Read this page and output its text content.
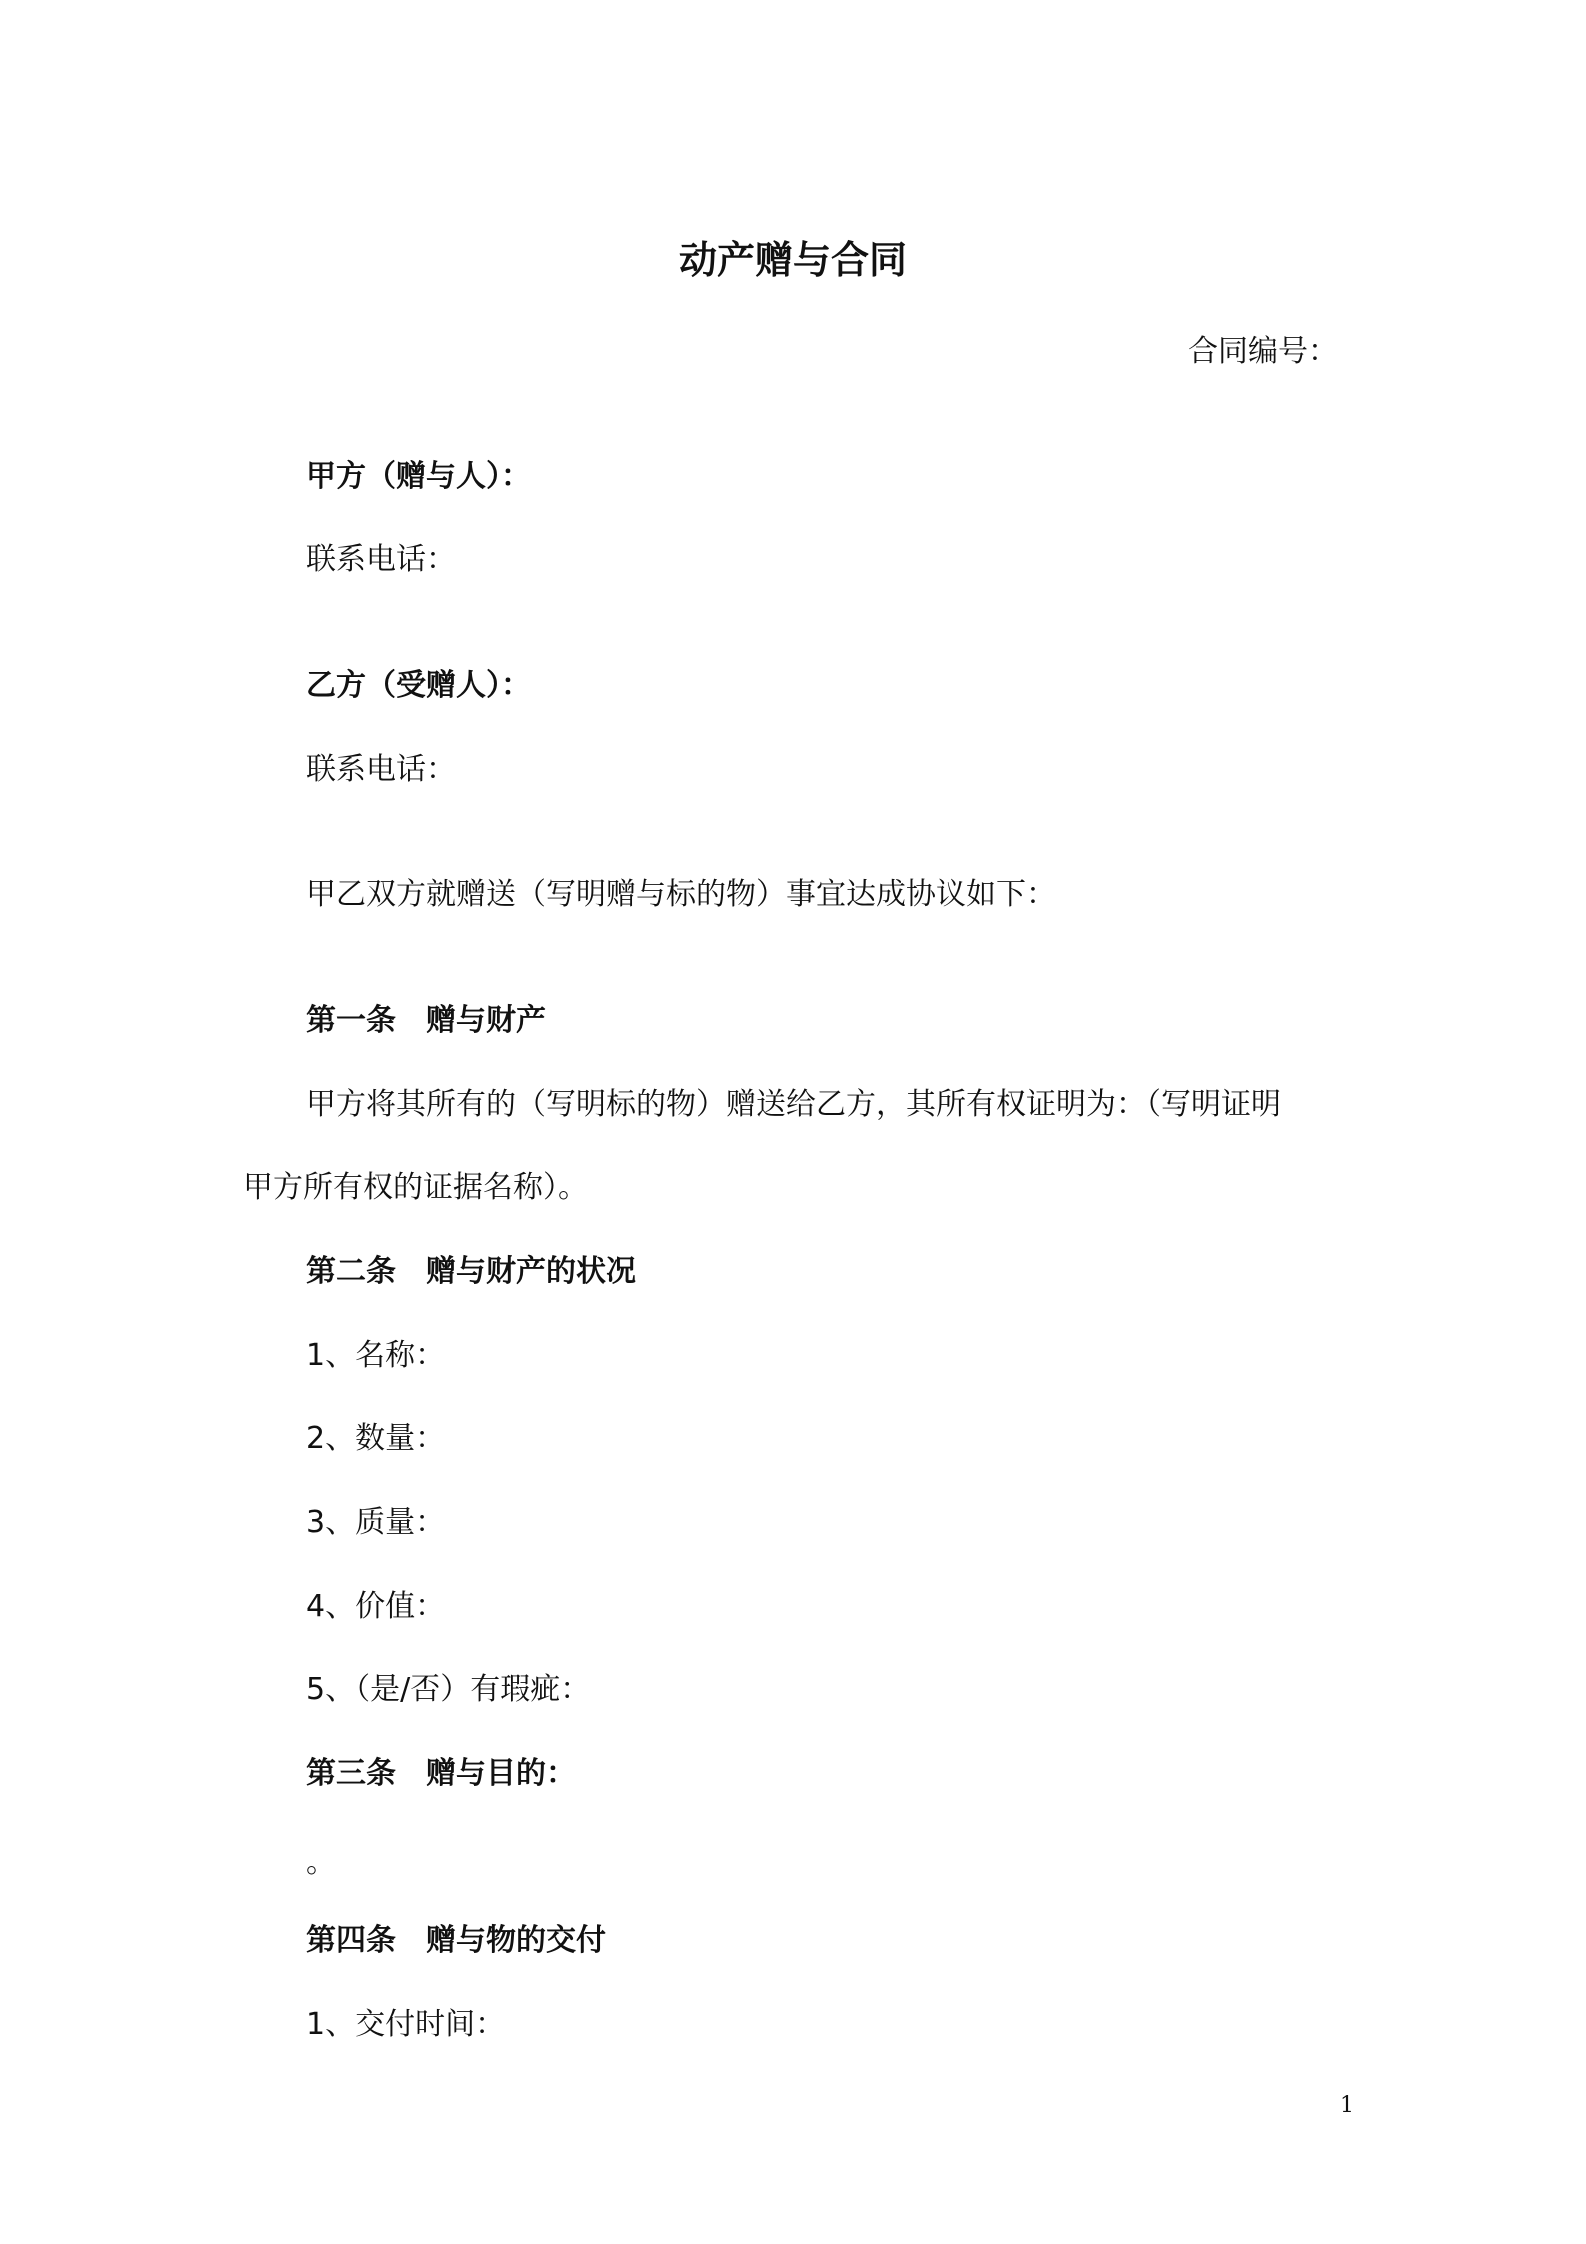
动产赠与合同
合同编号：
甲方（赠与人）：
联系电话：
乙方（受赠人）：
联系电话：
甲乙双方就赠送（写明赠与标的物）事宜达成协议如下：
第一条 赠与财产
甲方将其所有的（写明标的物）赠送给乙方，其所有权证明为：（写明证明
甲方所有权的证据名称）。
第二条 赠与财产的状况
1、名称：
2、数量：
3、质量：
4、价值：
5、（是/否）有瑕疵：
第三条 赠与目的：
。
第四条 赠与物的交付
1、交付时间：
1
